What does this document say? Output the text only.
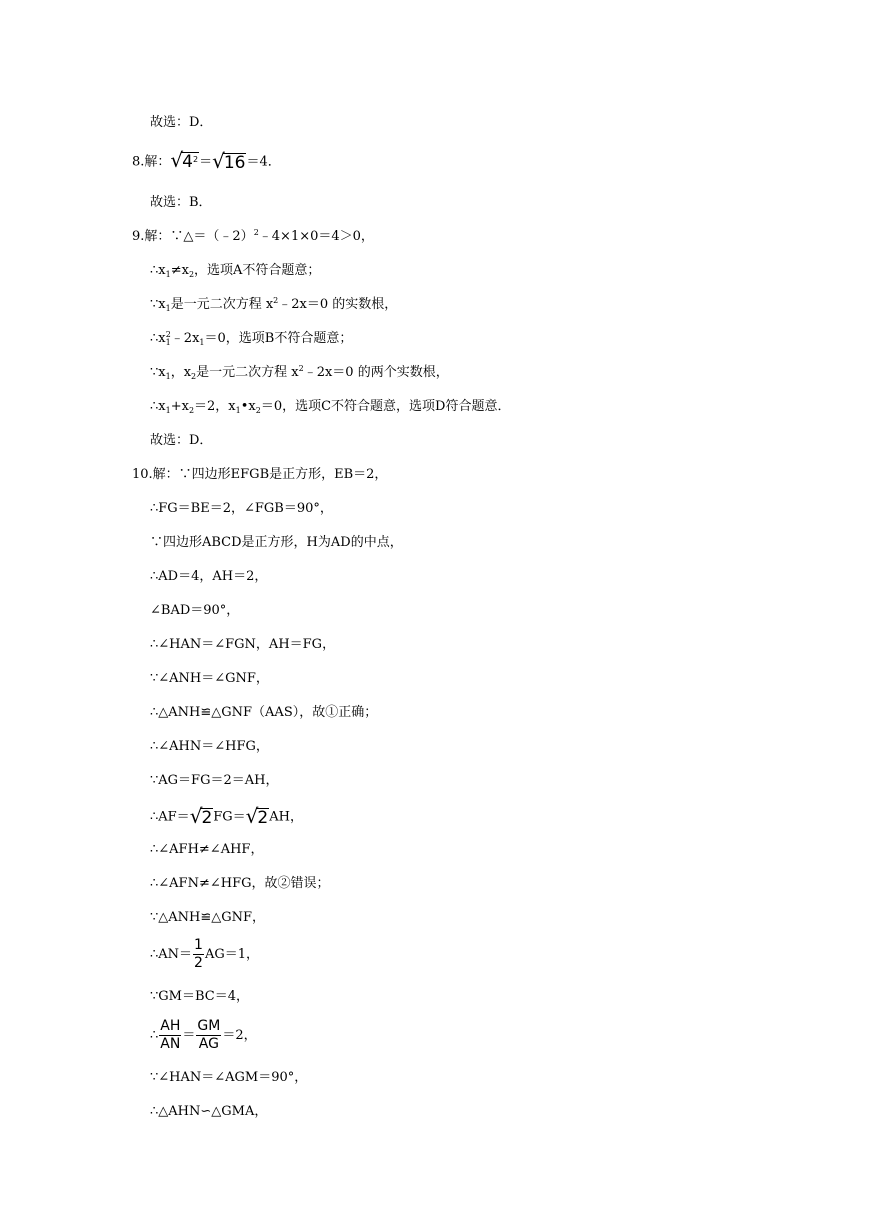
故选：D．
8.解：$√4^2=√16=4$．
故选：B．
9.解：∵△＝（﹣2）$^2$﹣4×1×0＝4＞0，
$\therefore x_1\ne x_2$，选项A不符合题意；
$\because x_1$是一元二次方程 $x^2﹣2x=0$ 的实数根，
$\therefore x_1^2﹣2x_1=0$，选项B不符合题意；
$\because x_1$，$x_2$是一元二次方程 $x^2﹣2x=0$ 的两个实数根，
$\therefore x_1+x_2=2$，$x_1•x_2=0$，选项C不符合题意，选项D符合题意．
故选：D．
10.解：∵四边形EFGB是正方形，EB＝2，
∴FG＝BE＝2，∠FGB＝90°，
∵四边形ABCD是正方形，H为AD的中点，
∴AD＝4，AH＝2，
∠BAD＝90°，
∴∠HAN＝∠FGN，AH＝FG，
∵∠ANH＝∠GNF，
∴△ANH≌△GNF（AAS），故①正确；
∴∠AHN＝∠HFG，
∵AG＝FG＝2＝AH，
∴AF＝√2FG＝√2AH，
∴∠AFH≠∠AHF，
∴∠AFN≠∠HFG，故②错误；
∵△ANH≌△GNF，
∴AN＝ $\frac{1}{2} AG=1$，
∵GM＝BC＝4，
∴ $\frac{AH}{AN} = \frac{GM}{AG} =2$，
∵∠HAN＝∠AGM＝90°，
∴△AHN∽△GMA，
